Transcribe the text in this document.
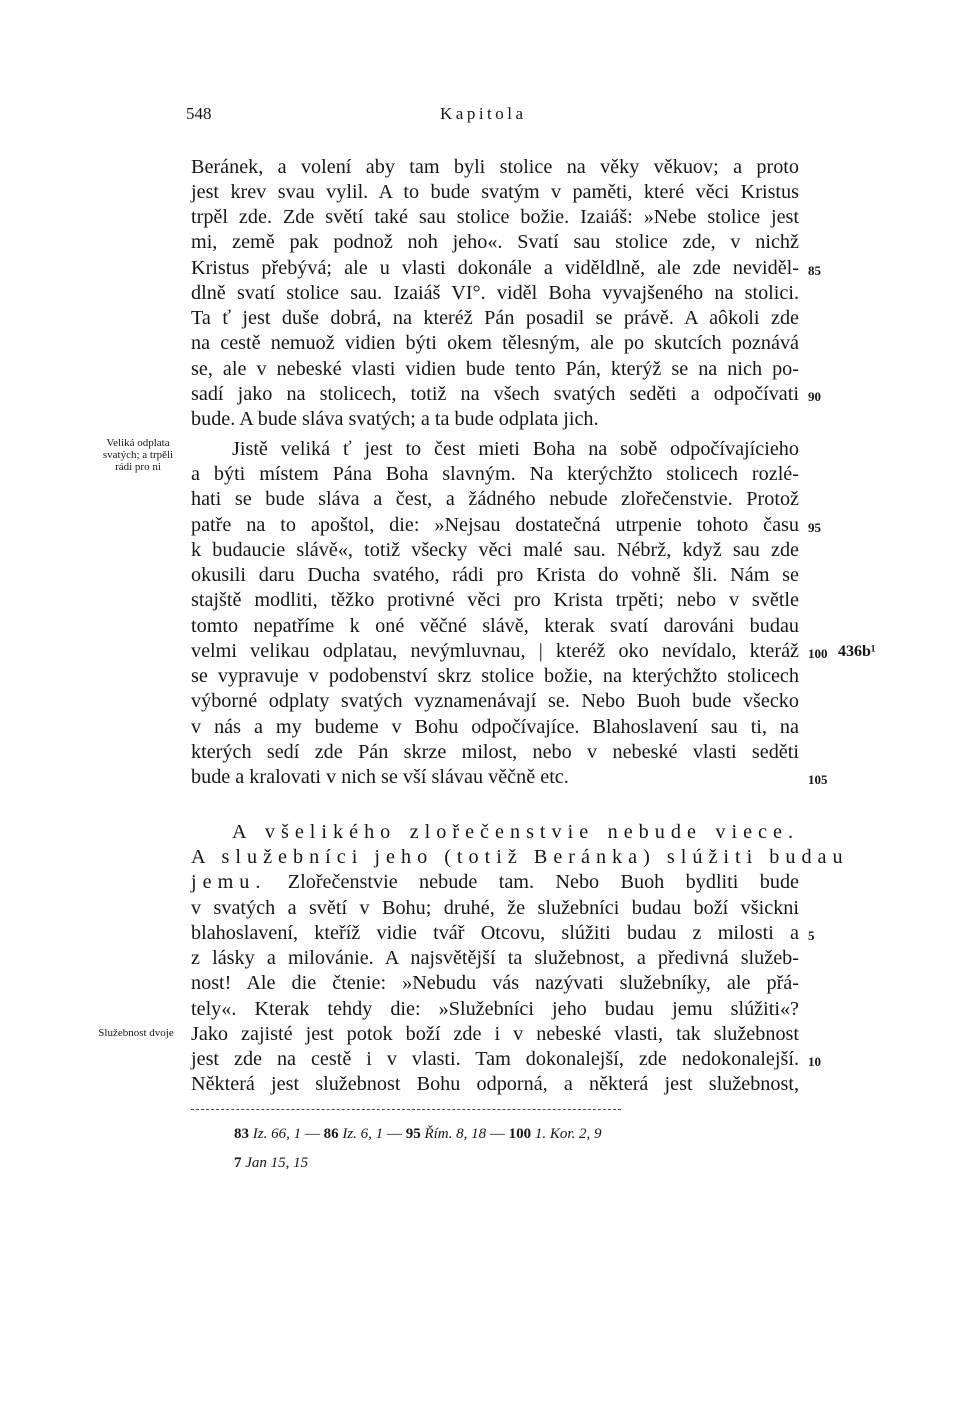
548	Kapitola
Beránek, a volení aby tam byli stolice na věky věkuov; a proto
jest krev svau vylil. A to bude svatým v paměti, které věci Kristus
trpěl zde. Zde světí také sau stolice božie. Izaiáš: »Nebe stolice jest
mi, země pak podnož noh jeho«. Svatí sau stolice zde, v nichž
Kristus přebývá; ale u vlasti dokonále a viděldlně, ale zde neviděl-
dlně svatí stolice sau. Izaiáš VI°. viděl Boha vyvajšeného na stolici.
Ta ť jest duše dobrá, na kteréž Pán posadil se právě. A aôkoli zde
na cestě nemuož vidien býti okem tělesným, ale po skutcích poznává
se, ale v nebeské vlasti vidien bude tento Pán, kterýž se na nich po-
sadí jako na stolicech, totiž na všech svatých seděti a odpočívati
bude. A bude sláva svatých; a ta bude odplata jich.
Jistě veliká ť jest to čest mieti Boha na sobě odpočívajícieho
a býti místem Pána Boha slavným. Na kterýchžto stolicech rozlé-
hati se bude sláva a čest, a žádného nebude zlořečenstvie. Protož
patře na to apoštol, die: »Nejsau dostatečná utrpenie tohoto času
k budaucie slávě«, totiž všecky věci malé sau. Nébrž, když sau zde
okusili daru Ducha svatého, rádi pro Krista do vohně šli. Nám se
stajště modliti, těžko protivné věci pro Krista trpěti; nebo v světle
tomto nepatříme k oné věčné slávě, kterak svatí darováni budau
velmi velikau odplatau, nevýmluvnau, | kteréž oko nevídalo, kteráž
se vypravuje v podobenství skrz stolice božie, na kterýchžto stolicech
výborné odplaty svatých vyznamenávají se. Nebo Buoh bude všecko
v nás a my budeme v Bohu odpočívajíce. Blahoslavení sau ti, na
kterých sedí zde Pán skrze milost, nebo v nebeské vlasti seděti
bude a kralovati v nich se vší slávau věčně etc.
A všelikého zlořečenstvie nebude viece.
A služebníci jeho (totiž Beránka) slúžiti budau
jemu. Zlořečenstvie nebude tam. Nebo Buoh bydliti bude
v svatých a světí v Bohu; druhé, že služebníci budau boží všickni
blahoslavení, kteříž vidie tvář Otcovu, slúžiti budau z milosti a
z lásky a milovánie. A najsvětější ta služebnost, a předivná služeb-
nost! Ale die čtenie: »Nebudu vás nazývati služebníky, ale přá-
tely«. Kterak tehdy die: »Služebníci jeho budau jemu slúžiti«?
Jako zajisté jest potok boží zde i v nebeské vlasti, tak služebnost
jest zde na cestě i v vlasti. Tam dokonalejší, zde nedokonalejší.
Některá jest služebnost Bohu odporná, a některá jest služebnost,
Veliká odplata
svatých; a trpěli
rádi pro ni
Služebnost dvoje
85
90
95
100 436b¹
105
5
10
83 Iz. 66, 1 — 86 Iz. 6, 1 — 95 Řím. 8, 18 — 100 1. Kor. 2, 9
7 Jan 15, 15
